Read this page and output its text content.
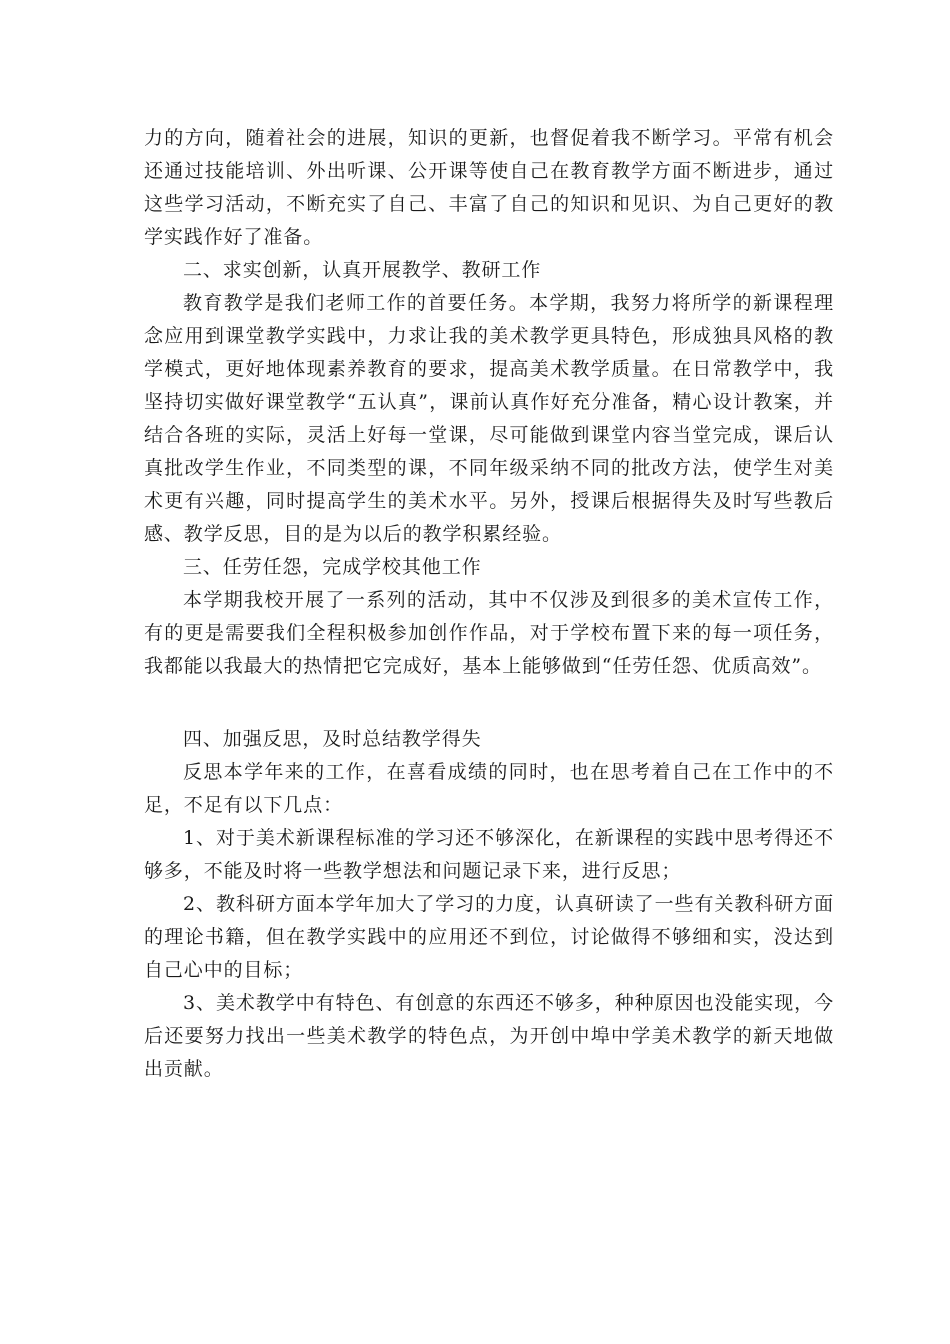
力的方向，随着社会的进展，知识的更新，也督促着我不断学习。平常有机会还通过技能培训、外出听课、公开课等使自己在教育教学方面不断进步，通过这些学习活动，不断充实了自己、丰富了自己的知识和见识、为自己更好的教学实践作好了准备。

二、求实创新，认真开展教学、教研工作

教育教学是我们老师工作的首要任务。本学期，我努力将所学的新课程理念应用到课堂教学实践中，力求让我的美术教学更具特色，形成独具风格的教学模式，更好地体现素养教育的要求，提高美术教学质量。在日常教学中，我坚持切实做好课堂教学“五认真”，课前认真作好充分准备，精心设计教案，并结合各班的实际，灵活上好每一堂课，尽可能做到课堂内容当堂完成，课后认真批改学生作业，不同类型的课，不同年级采纳不同的批改方法，使学生对美术更有兴趣，同时提高学生的美术水平。另外，授课后根据得失及时写些教后感、教学反思，目的是为以后的教学积累经验。

三、任劳任怨，完成学校其他工作

本学期我校开展了一系列的活动，其中不仅涉及到很多的美术宣传工作，有的更是需要我们全程积极参加创作作品，对于学校布置下来的每一项任务，我都能以我最大的热情把它完成好，基本上能够做到“任劳任怨、优质高效”。

四、加强反思，及时总结教学得失

反思本学年来的工作，在喜看成绩的同时，也在思考着自己在工作中的不足，不足有以下几点：

1、对于美术新课程标准的学习还不够深化，在新课程的实践中思考得还不够多，不能及时将一些教学想法和问题记录下来，进行反思；

2、教科研方面本学年加大了学习的力度，认真研读了一些有关教科研方面的理论书籍，但在教学实践中的应用还不到位，讨论做得不够细和实，没达到自己心中的目标；

3、美术教学中有特色、有创意的东西还不够多，种种原因也没能实现，今后还要努力找出一些美术教学的特色点，为开创中埠中学美术教学的新天地做出贡献。
